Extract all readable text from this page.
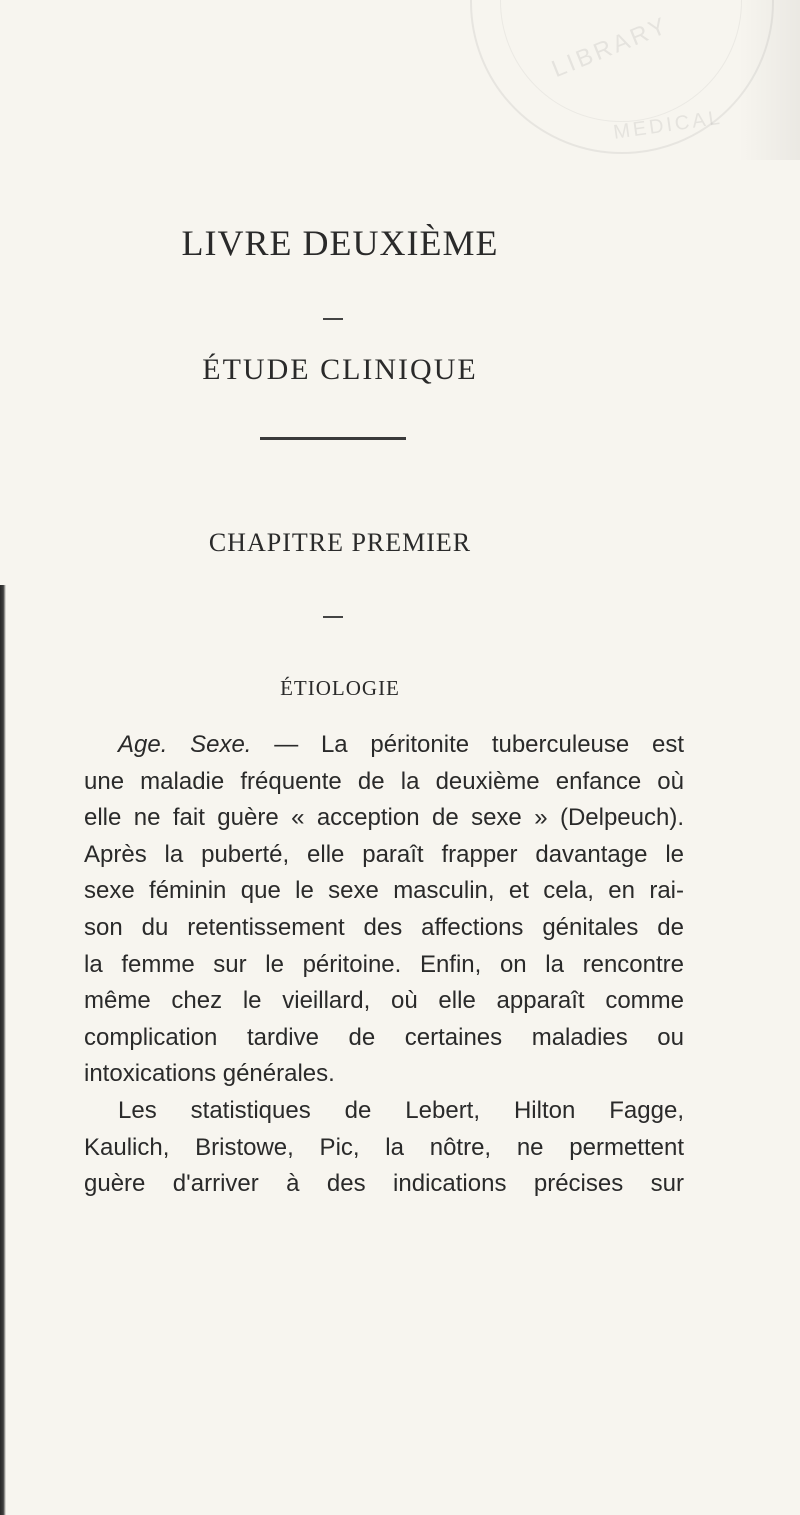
LIBRARY
MEDICAL
LIVRE DEUXIÈME
ÉTUDE CLINIQUE
CHAPITRE PREMIER
ÉTIOLOGIE
Age. Sexe. — La péritonite tuberculeuse est
une maladie fréquente de la deuxième enfance où
elle ne fait guère « acception de sexe » (Delpeuch).
Après la puberté, elle paraît frapper davantage le
sexe féminin que le sexe masculin, et cela, en rai-
son du retentissement des affections génitales de
la femme sur le péritoine. Enfin, on la rencontre
même chez le vieillard, où elle apparaît comme
complication tardive de certaines maladies ou
intoxications générales.
Les statistiques de Lebert, Hilton Fagge,
Kaulich, Bristowe, Pic, la nôtre, ne permettent
guère d'arriver à des indications précises sur
